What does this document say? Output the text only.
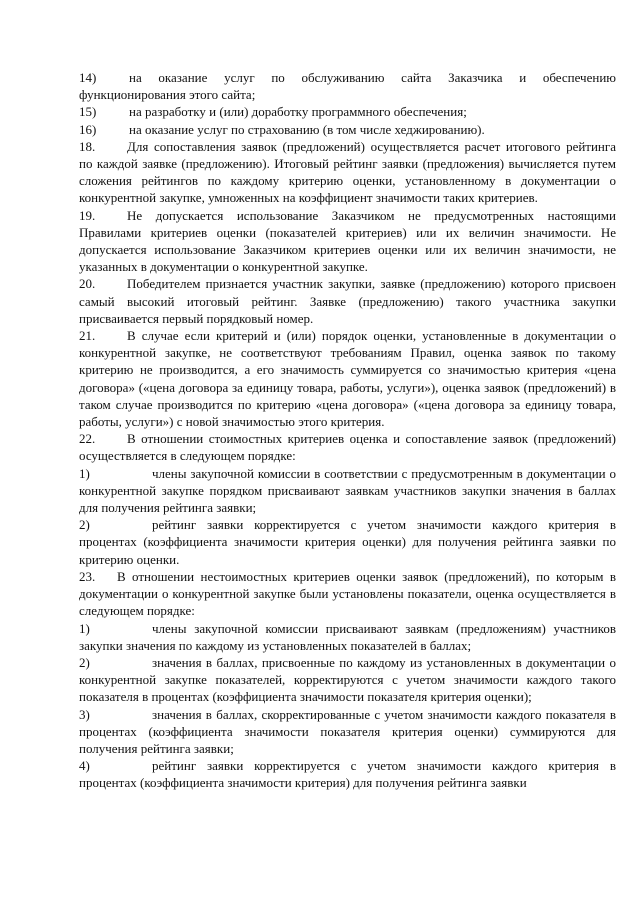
14)	на оказание услуг по обслуживанию сайта Заказчика и обеспечению функционирования этого сайта;

15)	на разработку и (или) доработку программного обеспечения;

16)	на оказание услуг по страхованию (в том числе хеджированию).

18. Для сопоставления заявок (предложений) осуществляется расчет итогового рейтинга по каждой заявке (предложению). Итоговый рейтинг заявки (предложения) вычисляется путем сложения рейтингов по каждому критерию оценки, установленному в документации о конкурентной закупке, умноженных на коэффициент значимости таких критериев.

19. Не допускается использование Заказчиком не предусмотренных настоящими Правилами критериев оценки (показателей критериев) или их величин значимости. Не допускается использование Заказчиком критериев оценки или их величин значимости, не указанных в документации о конкурентной закупке.

20. Победителем признается участник закупки, заявке (предложению) которого присвоен самый высокий итоговый рейтинг. Заявке (предложению) такого участника закупки присваивается первый порядковый номер.

21. В случае если критерий и (или) порядок оценки, установленные в документации о конкурентной закупке, не соответствуют требованиям Правил, оценка заявок по такому критерию не производится, а его значимость суммируется со значимостью критерия «цена договора» («цена договора за единицу товара, работы, услуги»), оценка заявок (предложений) в таком случае производится по критерию «цена договора» («цена договора за единицу товара, работы, услуги») с новой значимостью этого критерия.

22. В отношении стоимостных критериев оценка и сопоставление заявок (предложений) осуществляется в следующем порядке:

1)	члены закупочной комиссии в соответствии с предусмотренным в документации о конкурентной закупке порядком присваивают заявкам участников закупки значения в баллах для получения рейтинга заявки;

2)	рейтинг заявки корректируется с учетом значимости каждого критерия в процентах (коэффициента значимости критерия оценки) для получения рейтинга заявки по критерию оценки.

23. В отношении нестоимостных критериев оценки заявок (предложений), по которым в документации о конкурентной закупке были установлены показатели, оценка осуществляется в следующем порядке:

1)	члены закупочной комиссии присваивают заявкам (предложениям) участников закупки значения по каждому из установленных показателей в баллах;

2)	значения в баллах, присвоенные по каждому из установленных в документации о конкурентной закупке показателей, корректируются с учетом значимости каждого такого показателя в процентах (коэффициента значимости показателя критерия оценки);

3)	значения в баллах, скорректированные с учетом значимости каждого показателя в процентах (коэффициента значимости показателя критерия оценки) суммируются для получения рейтинга заявки;

4)	рейтинг заявки корректируется с учетом значимости каждого критерия в процентах (коэффициента значимости критерия) для получения рейтинга заявки
